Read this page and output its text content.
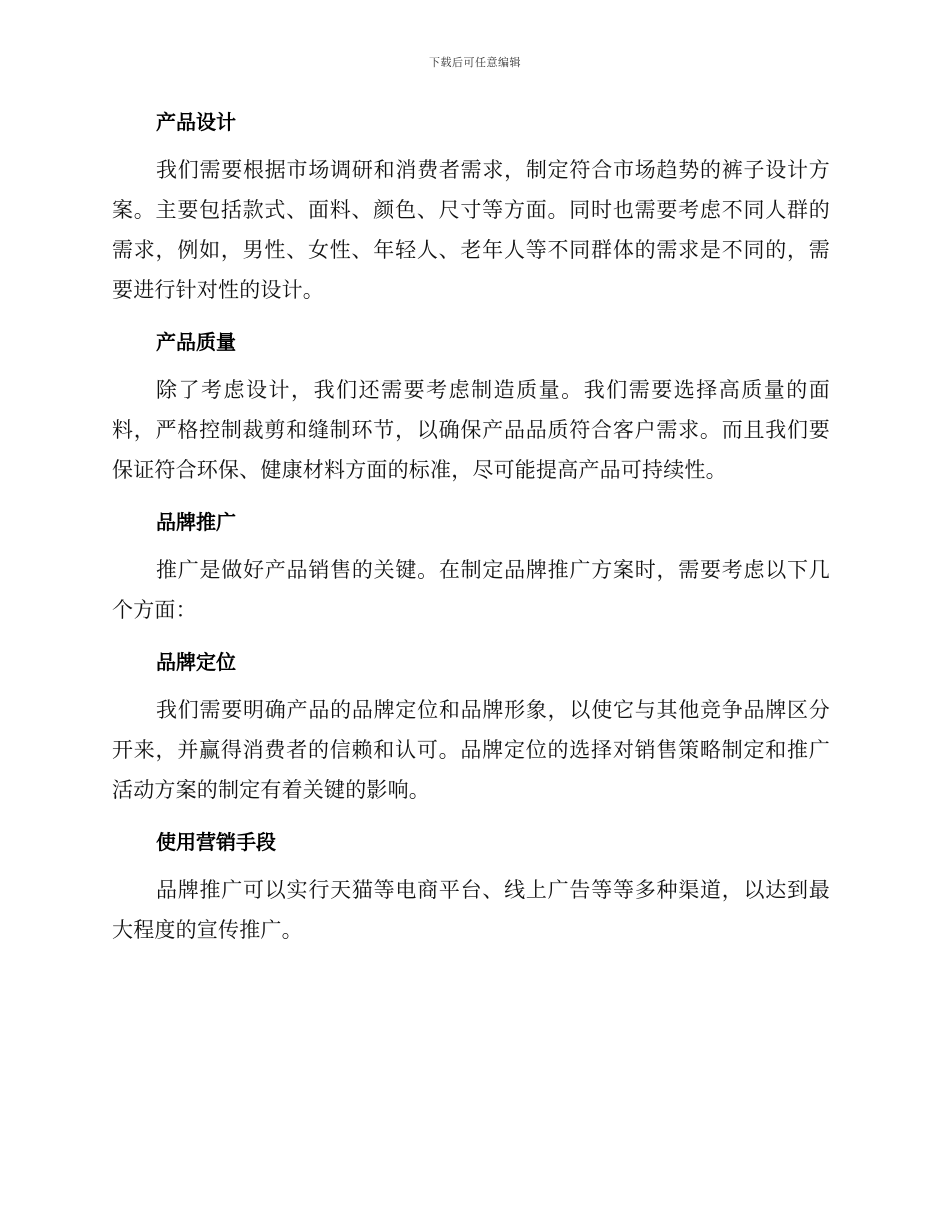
下载后可任意编辑
产品设计

我们需要根据市场调研和消费者需求，制定符合市场趋势的裤子设计方案。主要包括款式、面料、颜色、尺寸等方面。同时也需要考虑不同人群的需求，例如，男性、女性、年轻人、老年人等不同群体的需求是不同的，需要进行针对性的设计。

产品质量

除了考虑设计，我们还需要考虑制造质量。我们需要选择高质量的面料，严格控制裁剪和缝制环节，以确保产品品质符合客户需求。而且我们要保证符合环保、健康材料方面的标准，尽可能提高产品可持续性。

品牌推广

推广是做好产品销售的关键。在制定品牌推广方案时，需要考虑以下几个方面：

品牌定位

我们需要明确产品的品牌定位和品牌形象，以使它与其他竞争品牌区分开来，并赢得消费者的信赖和认可。品牌定位的选择对销售策略制定和推广活动方案的制定有着关键的影响。

使用营销手段

品牌推广可以实行天猫等电商平台、线上广告等等多种渠道，以达到最大程度的宣传推广。
